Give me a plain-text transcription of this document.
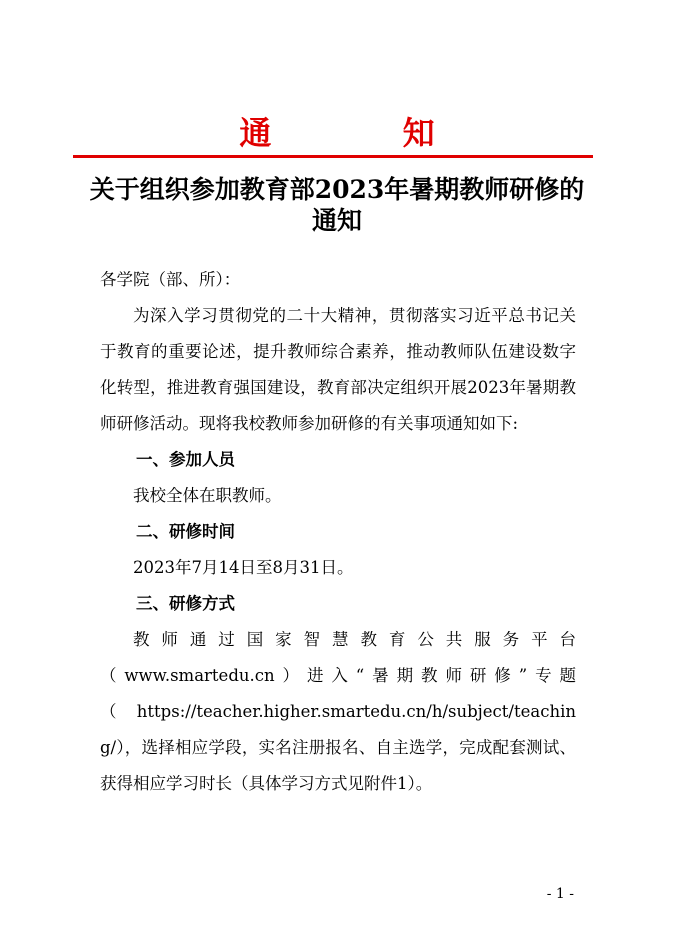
通 知
关于组织参加教育部2023年暑期教师研修的通知

各学院（部、所）：

为深入学习贯彻党的二十大精神，贯彻落实习近平总书记关于教育的重要论述，提升教师综合素养，推动教师队伍建设数字化转型，推进教育强国建设，教育部决定组织开展2023年暑期教师研修活动。现将我校教师参加研修的有关事项通知如下:

一、参加人员

我校全体在职教师。

二、研修时间

2023年7月14日至8月31日。

三、研修方式

教师通过国家智慧教育公共服务平台

（www.smartedu.cn）进入“暑期教师研修”专题

（https://teacher.higher.smartedu.cn/h/subject/teaching/），选择相应学段，实名注册报名、自主选学，完成配套测试、获得相应学习时长（具体学习方式见附件1）。

- 1 -
